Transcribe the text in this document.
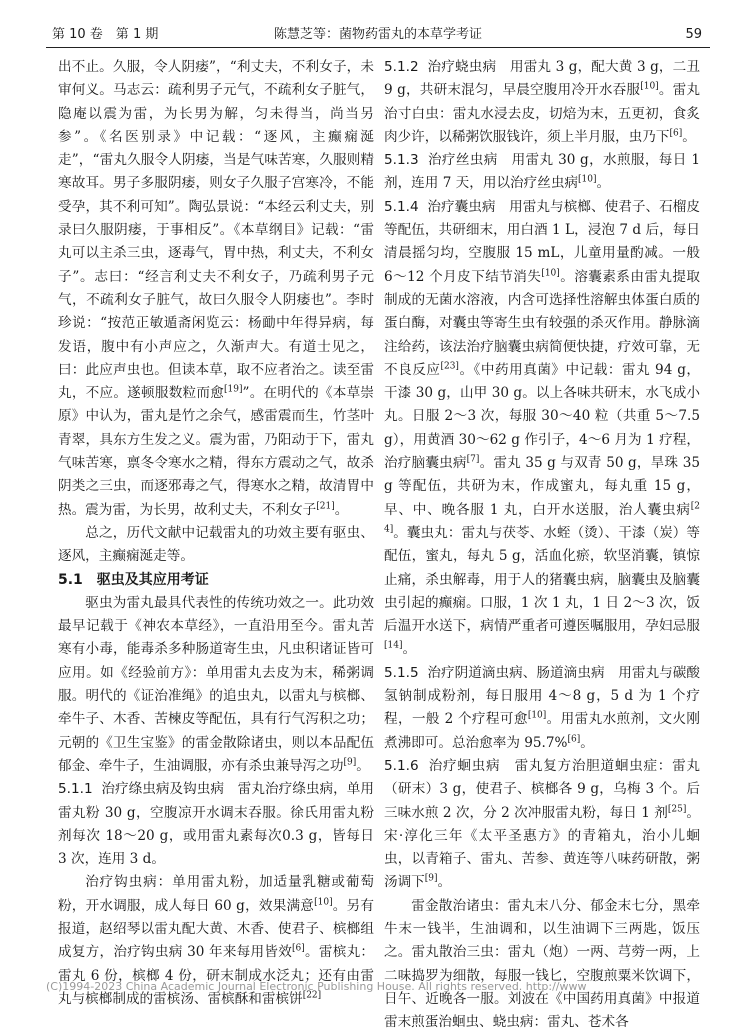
第 10 卷　第 1 期	陈慧芝等：菌物药雷丸的本草学考证	59

出不止。久服，令人阴痿”，“利丈夫，不利女子，未审何义。马志云：疏利男子元气，不疏利女子脏气，隐庵以震为雷，为长男为解，匀未得当，尚当另参”。《名医别录》中记载：“逐风，主癫痫涎走”，“雷丸久服令人阴痿，当是气味苦寒，久服则精寒故耳。男子多服阴痿，则女子久服子宫寒冷，不能受孕，其不利可知”。陶弘景说：“本经云利丈夫，别录曰久服阴痿，于事相反”。《本草纲目》记载：“雷丸可以主杀三虫，逐毒气，胃中热，利丈夫，不利女子”。志曰：“经言利丈夫不利女子，乃疏利男子元气，不疏利女子脏气，故曰久服令人阴痿也”。李时珍说：“按范正敏遁斋闲览云：杨勔中年得异病，每发语，腹中有小声应之，久渐声大。有道士见之，曰：此应声虫也。但读本草，取不应者治之。读至雷丸，不应。遂顿服数粒而愈[19]”。在明代的《本草崇原》中认为，雷丸是竹之余气，感雷震而生，竹茎叶青翠，具东方生发之义。震为雷，乃阳动于下，雷丸气味苦寒，禀冬令寒水之精，得东方震动之气，故杀阴类之三虫，而逐邪毒之气，得寒水之精，故清胃中热。震为雷，为长男，故利丈夫，不利女子[21]。

总之，历代文献中记载雷丸的功效主要有驱虫、逐风，主癫痫涎走等。

5.1　驱虫及其应用考证

驱虫为雷丸最具代表性的传统功效之一。此功效最早记载于《神农本草经》，一直沿用至今。雷丸苦寒有小毒，能毒杀多种肠道寄生虫，凡虫积诸证皆可应用。如《经验前方》：单用雷丸去皮为末，稀粥调服。明代的《证治准绳》的追虫丸，以雷丸与槟榔、牵牛子、木香、苦楝皮等配伍，具有行气泻积之功；元朝的《卫生宝鉴》的雷金散除诸虫，则以本品配伍郁金、牵牛子，生油调服，亦有杀虫兼导泻之功[9]。

5.1.1 治疗绦虫病及钩虫病　雷丸治疗绦虫病，单用雷丸粉 30 g，空腹凉开水调末吞服。徐氏用雷丸粉剂每次 18～20 g，或用雷丸素每次0.3 g，皆每日 3 次，连用 3 d。

治疗钩虫病：单用雷丸粉，加适量乳糖或葡萄粉，开水调服，成人每日 60 g，效果满意[10]。另有报道，赵绍琴以雷丸配大黄、木香、使君子、槟榔组成复方，治疗钩虫病 30 年来每用皆效[6]。雷槟丸：雷丸 6 份，槟榔 4 份，研末制成水泛丸；还有由雷丸与槟榔制成的雷槟汤、雷槟酥和雷槟饼[22]

5.1.2 治疗蛲虫病　用雷丸 3 g，配大黄 3 g，二丑 9 g，共研末混匀，早晨空腹用冷开水吞服[10]。雷丸治寸白虫：雷丸水浸去皮，切焙为末，五更初，食炙肉少许，以稀粥饮服钱许，须上半月服，虫乃下[6]。

5.1.3 治疗丝虫病　用雷丸 30 g，水煎服，每日 1 剂，连用 7 天，用以治疗丝虫病[10]。

5.1.4 治疗囊虫病　用雷丸与槟榔、使君子、石榴皮等配伍，共研细末，用白酒 1 L，浸泡 7 d 后，每日清晨摇匀均，空腹服 15 mL，儿童用量酌减。一般 6～12 个月皮下结节消失[10]。溶囊素系由雷丸提取制成的无菌水溶液，内含可选择性溶解虫体蛋白质的蛋白酶，对囊虫等寄生虫有较强的杀灭作用。静脉滴注给药，该法治疗脑囊虫病简便快捷，疗效可靠，无不良反应[23]。《中药用真菌》中记载：雷丸 94 g，干漆 30 g，山甲 30 g。以上各味共研末，水飞成小丸。日服 2～3 次，每服 30～40 粒（共重 5～7.5 g），用黄酒 30～62 g 作引子，4～6 月为 1 疗程，治疗脑囊虫病[7]。雷丸 35 g 与双青 50 g，旱珠 35 g 等配伍，共研为末，作成蜜丸，每丸重 15 g，早、中、晚各服 1 丸，白开水送服，治人囊虫病[24]。囊虫丸：雷丸与茯苓、水蛭（烫）、干漆（炭）等配伍，蜜丸，每丸 5 g，活血化瘀，软坚消囊，镇惊止痛，杀虫解毒，用于人的猪囊虫病，脑囊虫及脑囊虫引起的癫痫。口服，1 次 1 丸，1 日 2～3 次，饭后温开水送下，病情严重者可遵医嘱服用，孕妇忌服[14]。

5.1.5 治疗阴道滴虫病、肠道滴虫病　用雷丸与碳酸氢钠制成粉剂，每日服用 4～8 g，5 d 为 1 个疗程，一般 2 个疗程可愈[10]。用雷丸水煎剂，文火刚煮沸即可。总治愈率为 95.7%[6]。

5.1.6 治疗蛔虫病　雷丸复方治胆道蛔虫症：雷丸（研末）3 g，使君子、槟榔各 9 g，乌梅 3 个。后三味水煎 2 次，分 2 次冲服雷丸粉，每日 1 剂[25]。宋·淳化三年《太平圣惠方》的青箱丸，治小儿蛔虫，以青箱子、雷丸、苦参、黄连等八味药研散，粥汤调下[9]。

雷金散治诸虫：雷丸末八分、郁金末七分，黑牵牛末一钱半，生油调和，以生油调下三两匙，饭压之。雷丸散治三虫：雷丸（炮）一两、芎䓖一两，上二味捣罗为细散，每服一钱匕，空腹煎粟米饮调下，日午、近晚各一服。刘波在《中国药用真菌》中报道雷末煎蛋治蛔虫、蛲虫病：雷丸、苍术各

(C)1994-2023 China Academic Journal Electronic Publishing House. All rights reserved. http://www
